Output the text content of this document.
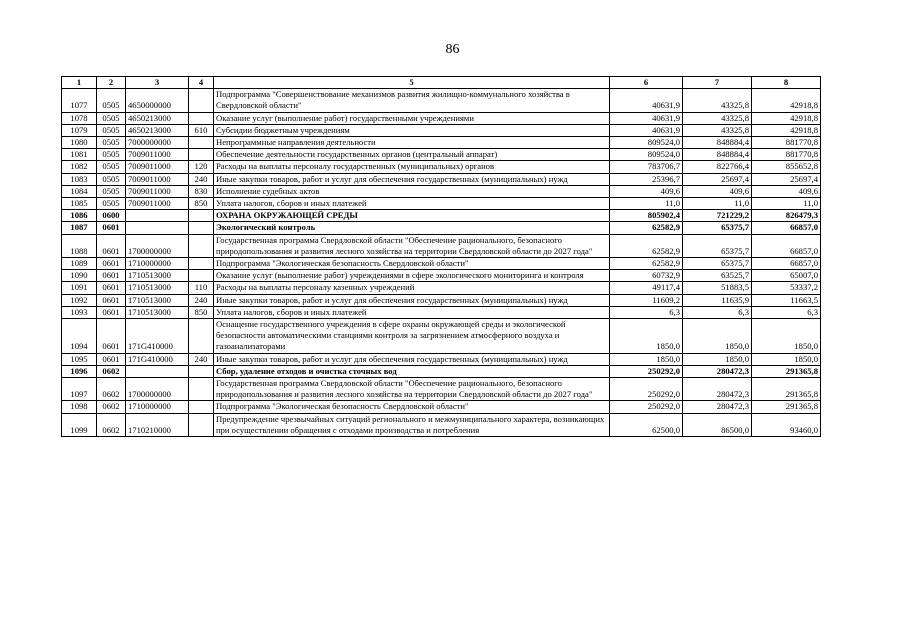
86
1	2	3	4	5	6	7	8
1077	0505	4650000000		Подпрограмма "Совершенствование механизмов развития жилищно-коммунального хозяйства в Свердловской области"	40631,9	43325,8	42918,8
1078	0505	4650213000		Оказание услуг (выполнение работ) государственными учреждениями	40631,9	43325,8	42918,8
1079	0505	4650213000	610	Субсидии бюджетным учреждениям	40631,9	43325,8	42918,8
1080	0505	7000000000		Непрограммные направления деятельности	809524,0	848884,4	881770,8
1081	0505	7009011000		Обеспечение деятельности государственных органов (центральный аппарат)	809524,0	848884,4	881770,8
1082	0505	7009011000	120	Расходы на выплаты персоналу государственных (муниципальных) органов	783706,7	822766,4	855652,8
1083	0505	7009011000	240	Иные закупки товаров, работ и услуг для обеспечения государственных (муниципальных) нужд	25396,7	25697,4	25697,4
1084	0505	7009011000	830	Исполнение судебных актов	409,6	409,6	409,6
1085	0505	7009011000	850	Уплата налогов, сборов и иных платежей	11,0	11,0	11,0
1086	0600			ОХРАНА ОКРУЖАЮЩЕЙ СРЕДЫ	805902,4	721229,2	826479,3
1087	0601			Экологический контроль	62582,9	65375,7	66857,0
1088	0601	1700000000		Государственная программа Свердловской области "Обеспечение рационального, безопасного природопользования и развития лесного хозяйства на территории Свердловской области до 2027 года"	62582,9	65375,7	66857,0
1089	0601	1710000000		Подпрограмма "Экологическая безопасность Свердловской области"	62582,9	65375,7	66857,0
1090	0601	1710513000		Оказание услуг (выполнение работ) учреждениями в сфере экологического мониторинга и контроля	60732,9	63525,7	65007,0
1091	0601	1710513000	110	Расходы на выплаты персоналу казенных учреждений	49117,4	51883,5	53337,2
1092	0601	1710513000	240	Иные закупки товаров, работ и услуг для обеспечения государственных (муниципальных) нужд	11609,2	11635,9	11663,5
1093	0601	1710513000	850	Уплата налогов, сборов и иных платежей	6,3	6,3	6,3
1094	0601	171G410000		Оснащение государственного учреждения в сфере охраны окружающей среды и экологической безопасности автоматическими станциями контроля за загрязнением атмосферного воздуха и газоанализаторами	1850,0	1850,0	1850,0
1095	0601	171G410000	240	Иные закупки товаров, работ и услуг для обеспечения государственных (муниципальных) нужд	1850,0	1850,0	1850,0
1096	0602			Сбор, удаление отходов и очистка сточных вод	250292,0	280472,3	291365,8
1097	0602	1700000000		Государственная программа Свердловской области "Обеспечение рационального, безопасного природопользования и развития лесного хозяйства на территории Свердловской области до 2027 года"	250292,0	280472,3	291365,8
1098	0602	1710000000		Подпрограмма "Экологическая безопасность Свердловской области"	250292,0	280472,3	291365,8
1099	0602	1710210000		Предупреждение чрезвычайных ситуаций регионального и межмуниципального характера, возникающих при осуществлении обращения с отходами производства и потребления	62500,0	86500,0	93460,0
